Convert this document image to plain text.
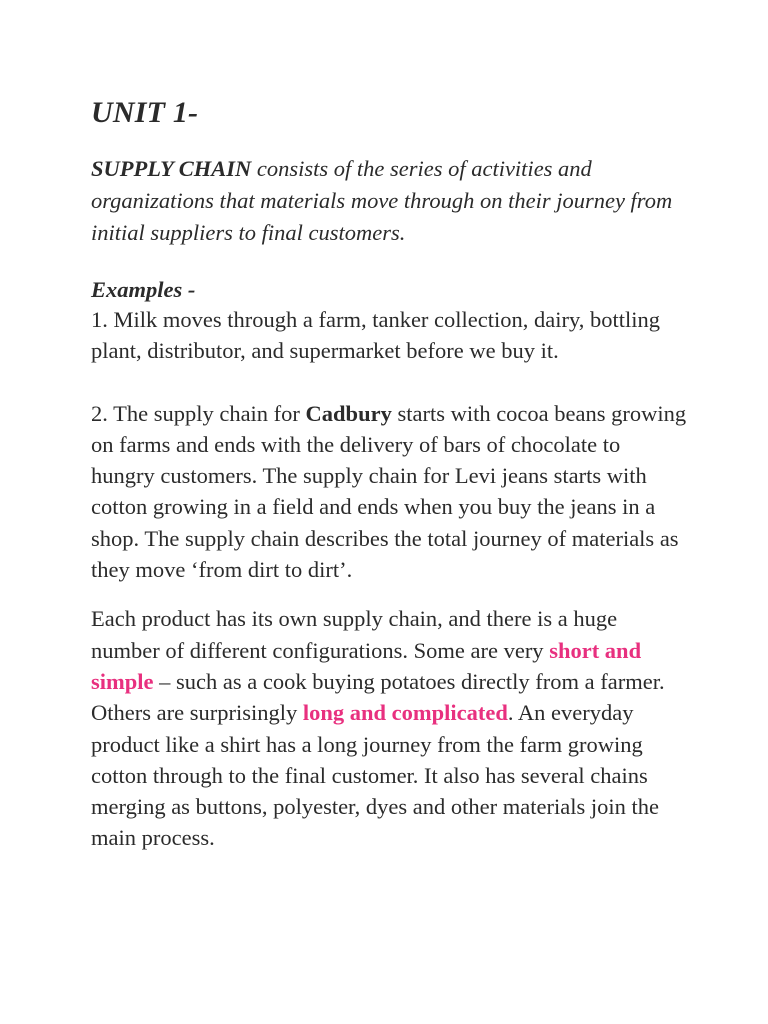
UNIT 1-

SUPPLY CHAIN consists of the series of activities and organizations that materials move through on their journey from initial suppliers to final customers.

Examples -

1. Milk moves through a farm, tanker collection, dairy, bottling plant, distributor, and supermarket before we buy it.

2. The supply chain for Cadbury starts with cocoa beans growing on farms and ends with the delivery of bars of chocolate to hungry customers. The supply chain for Levi jeans starts with cotton growing in a field and ends when you buy the jeans in a shop. The supply chain describes the total journey of materials as they move ‘from dirt to dirt’.

Each product has its own supply chain, and there is a huge number of different configurations. Some are very short and simple – such as a cook buying potatoes directly from a farmer. Others are surprisingly long and complicated. An everyday product like a shirt has a long journey from the farm growing cotton through to the final customer. It also has several chains merging as buttons, polyester, dyes and other materials join the main process.
